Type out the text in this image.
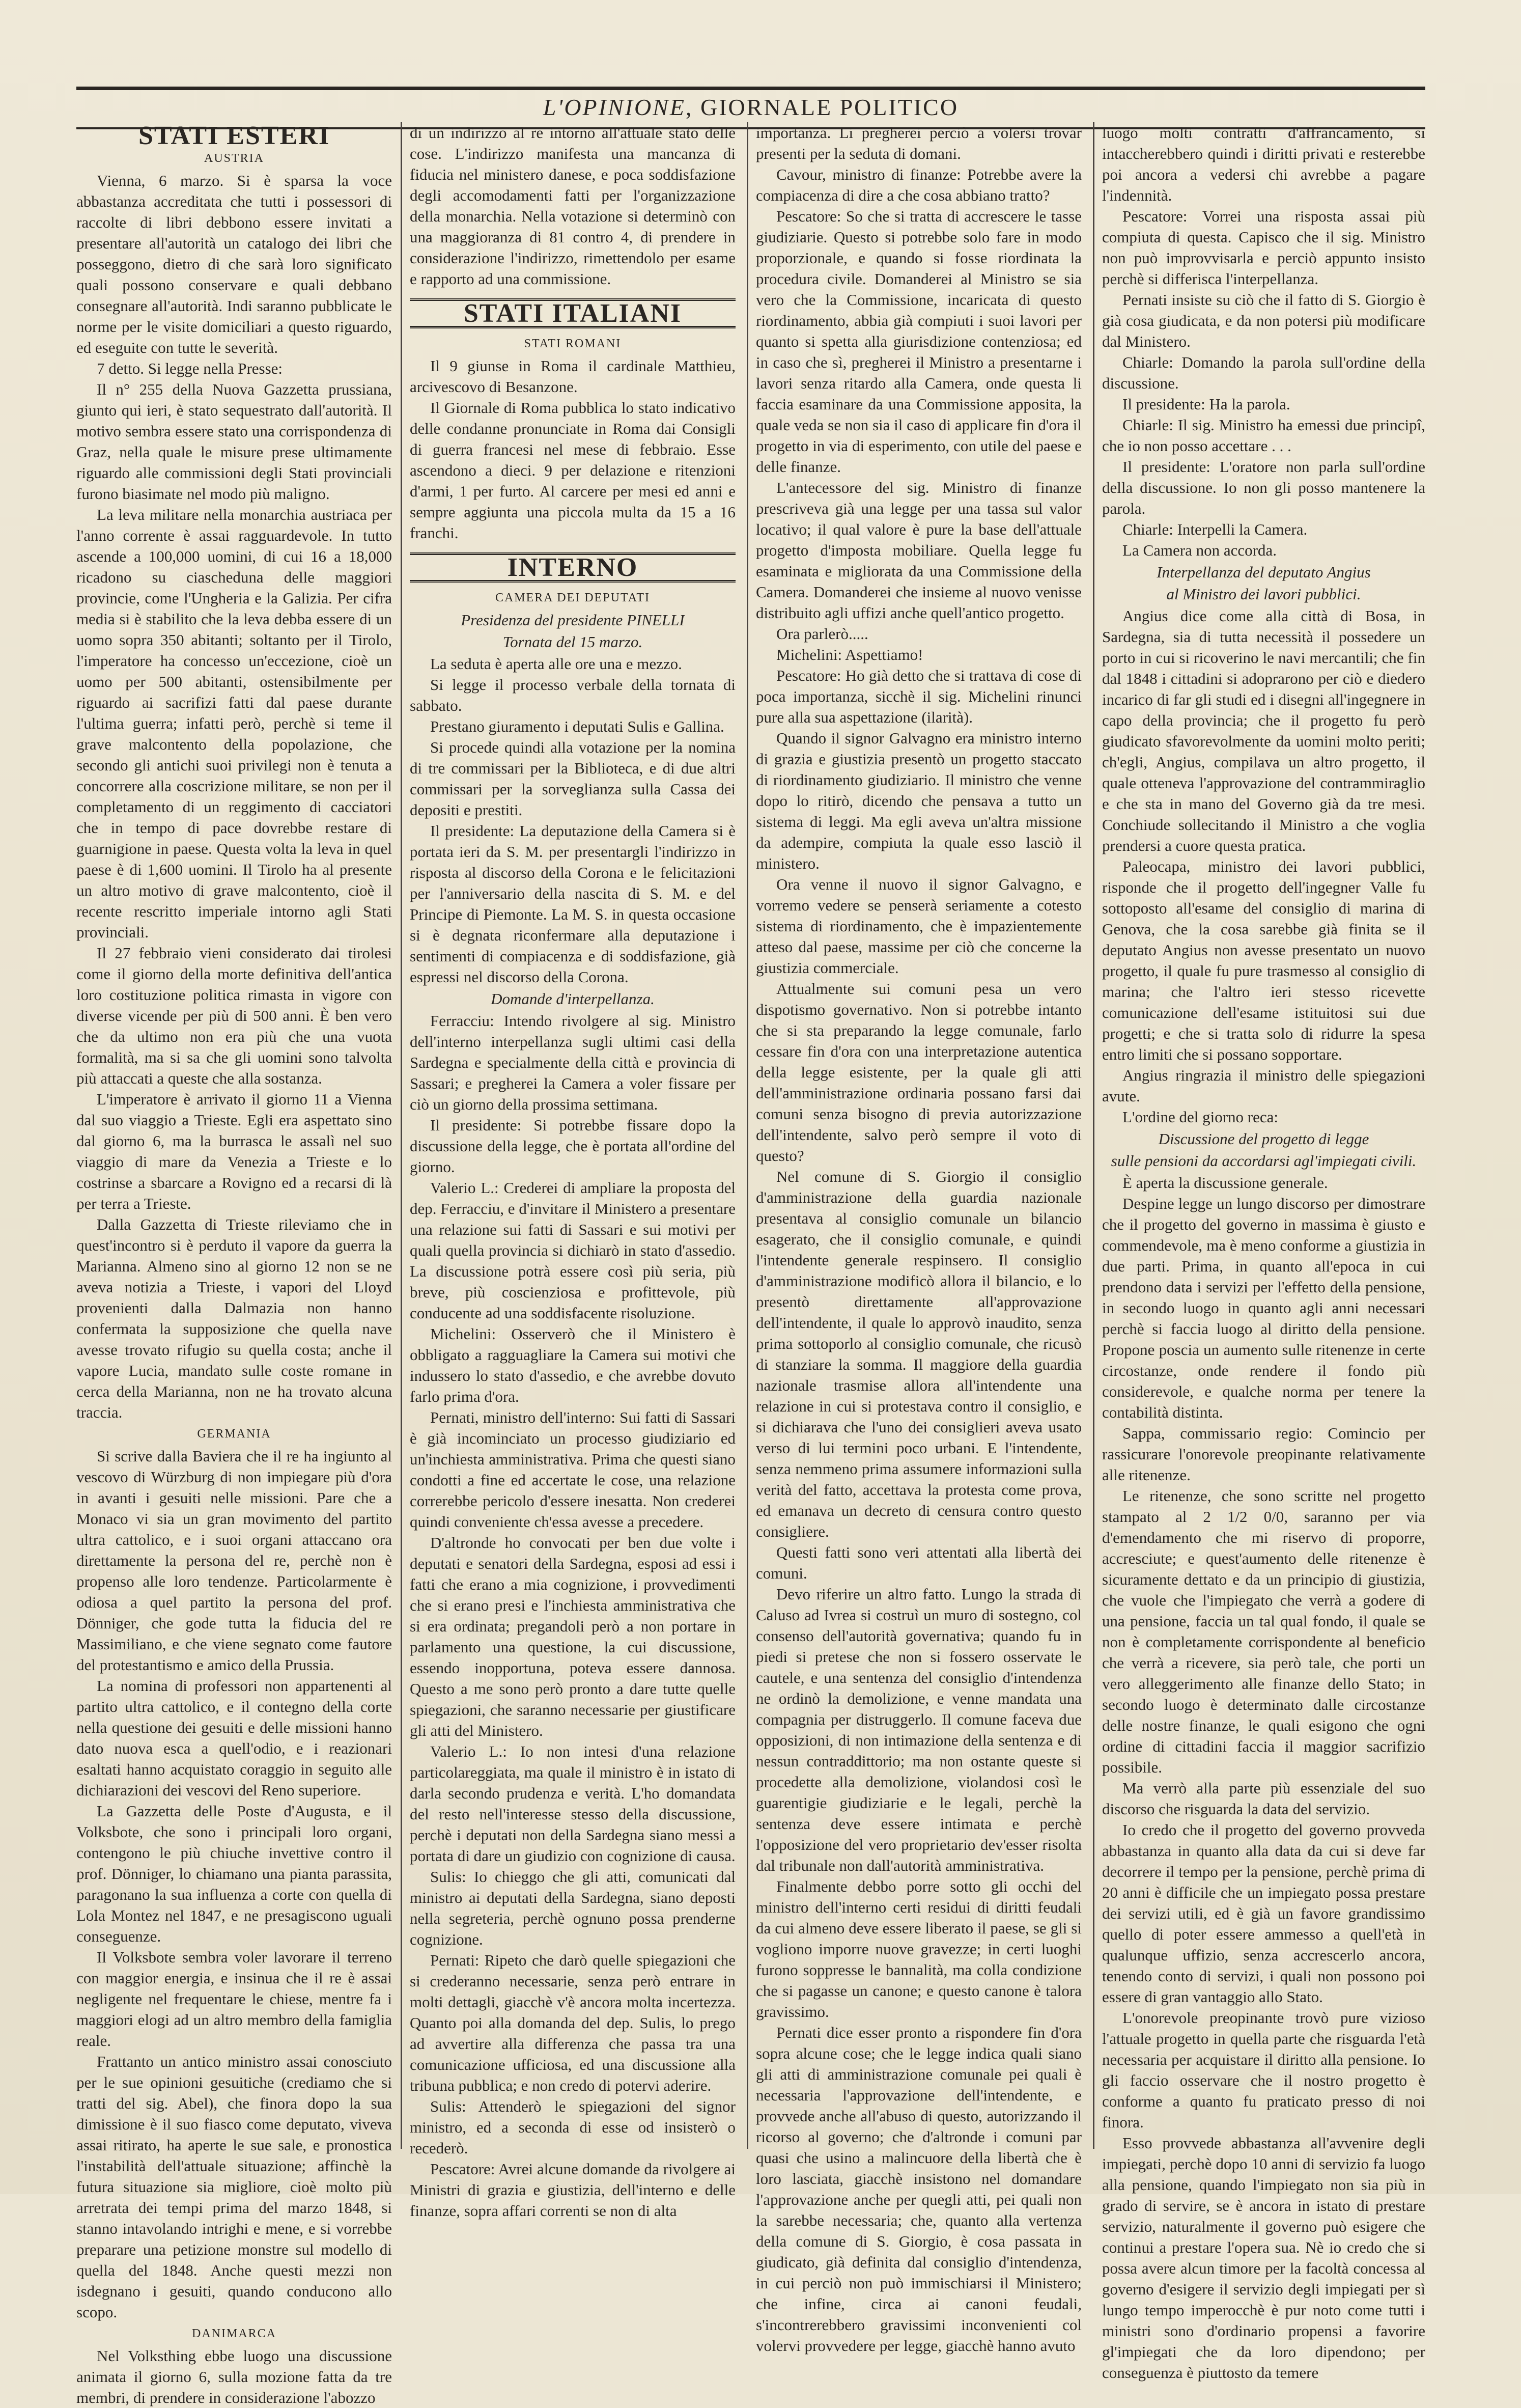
L'OPINIONE, GIORNALE POLITICO
STATI ESTERI
AUSTRIA

Vienna, 6 marzo. Si è sparsa la voce abbastanza accreditata che tutti i possessori di raccolte di libri debbono essere invitati a presentare all'autorità un catalogo dei libri che posseggono, dietro di che sarà loro significato quali possono conservare e quali debbano consegnare all'autorità. Indi saranno pubblicate le norme per le visite domiciliari a questo riguardo, ed eseguite con tutte le severità.

7 detto. Si legge nella Presse:

Il n° 255 della Nuova Gazzetta prussiana, giunto qui ieri, è stato sequestrato dall'autorità. Il motivo sembra essere stato una corrispondenza di Graz, nella quale le misure prese ultimamente riguardo alle commissioni degli Stati provinciali furono biasimate nel modo più maligno.

La leva militare nella monarchia austriaca per l'anno corrente è assai ragguardevole. In tutto ascende a 100,000 uomini, di cui 16 a 18,000 ricadono su ciascheduna delle maggiori provincie, come l'Ungheria e la Galizia. Per cifra media si è stabilito che la leva debba essere di un uomo sopra 350 abitanti; soltanto per il Tirolo, l'imperatore ha concesso un'eccezione, cioè un uomo per 500 abitanti, ostensibilmente per riguardo ai sacrifizi fatti dal paese durante l'ultima guerra; infatti però, perchè si teme il grave malcontento della popolazione, che secondo gli antichi suoi privilegi non è tenuta a concorrere alla coscrizione militare, se non per il completamento di un reggimento di cacciatori che in tempo di pace dovrebbe restare di guarnigione in paese. Questa volta la leva in quel paese è di 1,600 uomini. Il Tirolo ha al presente un altro motivo di grave malcontento, cioè il recente rescritto imperiale intorno agli Stati provinciali.

Il 27 febbraio vieni considerato dai tirolesi come il giorno della morte definitiva dell'antica loro costituzione politica rimasta in vigore con diverse vicende per più di 500 anni. È ben vero che da ultimo non era più che una vuota formalità, ma si sa che gli uomini sono talvolta più attaccati a queste che alla sostanza.

L'imperatore è arrivato il giorno 11 a Vienna dal suo viaggio a Trieste. Egli era aspettato sino dal giorno 6, ma la burrasca le assalì nel suo viaggio di mare da Venezia a Trieste e lo costrinse a sbarcare a Rovigno ed a recarsi di là per terra a Trieste.

Dalla Gazzetta di Trieste rileviamo che in quest'incontro si è perduto il vapore da guerra la Marianna. Almeno sino al giorno 12 non se ne aveva notizia a Trieste, i vapori del Lloyd provenienti dalla Dalmazia non hanno confermata la supposizione che quella nave avesse trovato rifugio su quella costa; anche il vapore Lucia, mandato sulle coste romane in cerca della Marianna, non ne ha trovato alcuna traccia.

GERMANIA

Si scrive dalla Baviera che il re ha ingiunto al vescovo di Würzburg di non impiegare più d'ora in avanti i gesuiti nelle missioni. Pare che a Monaco vi sia un gran movimento del partito ultra cattolico, e i suoi organi attaccano ora direttamente la persona del re, perchè non è propenso alle loro tendenze. Particolarmente è odiosa a quel partito la persona del prof. Dönniger, che gode tutta la fiducia del re Massimiliano, e che viene segnato come fautore del protestantismo e amico della Prussia.

La nomina di professori non appartenenti al partito ultra cattolico, e il contegno della corte nella questione dei gesuiti e delle missioni hanno dato nuova esca a quell'odio, e i reazionari esaltati hanno acquistato coraggio in seguito alle dichiarazioni dei vescovi del Reno superiore.

La Gazzetta delle Poste d'Augusta, e il Volksbote, che sono i principali loro organi, contengono le più chiuche invettive contro il prof. Dönniger, lo chiamano una pianta parassita, paragonano la sua influenza a corte con quella di Lola Montez nel 1847, e ne presagiscono uguali conseguenze.

Il Volksbote sembra voler lavorare il terreno con maggior energia, e insinua che il re è assai negligente nel frequentare le chiese, mentre fa i maggiori elogi ad un altro membro della famiglia reale.

Frattanto un antico ministro assai conosciuto per le sue opinioni gesuitiche (crediamo che si tratti del sig. Abel), che finora dopo la sua dimissione è il suo fiasco come deputato, viveva assai ritirato, ha aperte le sue sale, e pronostica l'instabilità dell'attuale situazione; affinchè la futura situazione sia migliore, cioè molto più arretrata dei tempi prima del marzo 1848, si stanno intavolando intrighi e mene, e si vorrebbe preparare una petizione monstre sul modello di quella del 1848. Anche questi mezzi non isdegnano i gesuiti, quando conducono allo scopo.

DANIMARCA

Nel Volksthing ebbe luogo una discussione animata il giorno 6, sulla mozione fatta da tre membri, di prendere in considerazione l'abozzo

di un indirizzo al re intorno all'attuale stato delle cose. L'indirizzo manifesta una mancanza di fiducia nel ministero danese, e poca soddisfazione degli accomodamenti fatti per l'organizzazione della monarchia. Nella votazione si determinò con una maggioranza di 81 contro 4, di prendere in considerazione l'indirizzo, rimettendolo per esame e rapporto ad una commissione.

STATI ITALIANI
STATI ROMANI

Il 9 giunse in Roma il cardinale Matthieu, arcivescovo di Besanzone.

Il Giornale di Roma pubblica lo stato indicativo delle condanne pronunciate in Roma dai Consigli di guerra francesi nel mese di febbraio. Esse ascendono a dieci. 9 per delazione e ritenzioni d'armi, 1 per furto. Al carcere per mesi ed anni e sempre aggiunta una piccola multa da 15 a 16 franchi.

INTERNO
CAMERA DEI DEPUTATI
Presidenza del presidente PINELLI
Tornata del 15 marzo.

La seduta è aperta alle ore una e mezzo.

Si legge il processo verbale della tornata di sabbato.

Prestano giuramento i deputati Sulis e Gallina.

Si procede quindi alla votazione per la nomina di tre commissari per la Biblioteca, e di due altri commissari per la sorveglianza sulla Cassa dei depositi e prestiti.

Il presidente: La deputazione della Camera si è portata ieri da S. M. per presentargli l'indirizzo in risposta al discorso della Corona e le felicitazioni per l'anniversario della nascita di S. M. e del Principe di Piemonte. La M. S. in questa occasione si è degnata riconfermare alla deputazione i sentimenti di compiacenza e di soddisfazione, già espressi nel discorso della Corona.

Domande d'interpellanza.

Ferracciu: Intendo rivolgere al sig. Ministro dell'interno interpellanza sugli ultimi casi della Sardegna e specialmente della città e provincia di Sassari; e pregherei la Camera a voler fissare per ciò un giorno della prossima settimana.

Il presidente: Si potrebbe fissare dopo la discussione della legge, che è portata all'ordine del giorno.

Valerio L.: Crederei di ampliare la proposta del dep. Ferracciu, e d'invitare il Ministero a presentare una relazione sui fatti di Sassari e sui motivi per quali quella provincia si dichiarò in stato d'assedio. La discussione potrà essere così più seria, più breve, più coscienziosa e profittevole, più conducente ad una soddisfacente risoluzione.

Michelini: Osserverò che il Ministero è obbligato a ragguagliare la Camera sui motivi che indussero lo stato d'assedio, e che avrebbe dovuto farlo prima d'ora.

Pernati, ministro dell'interno: Sui fatti di Sassari è già incominciato un processo giudiziario ed un'inchiesta amministrativa. Prima che questi siano condotti a fine ed accertate le cose, una relazione correrebbe pericolo d'essere inesatta. Non crederei quindi conveniente ch'essa avesse a precedere.

D'altronde ho convocati per ben due volte i deputati e senatori della Sardegna, esposi ad essi i fatti che erano a mia cognizione, i provvedimenti che si erano presi e l'inchiesta amministrativa che si era ordinata; pregandoli però a non portare in parlamento una questione, la cui discussione, essendo inopportuna, poteva essere dannosa. Questo a me sono però pronto a dare tutte quelle spiegazioni, che saranno necessarie per giustificare gli atti del Ministero.

Valerio L.: Io non intesi d'una relazione particolareggiata, ma quale il ministro è in istato di darla secondo prudenza e verità. L'ho domandata del resto nell'interesse stesso della discussione, perchè i deputati non della Sardegna siano messi a portata di dare un giudizio con cognizione di causa.

Sulis: Io chieggo che gli atti, comunicati dal ministro ai deputati della Sardegna, siano deposti nella segreteria, perchè ognuno possa prenderne cognizione.

Pernati: Ripeto che darò quelle spiegazioni che si crederanno necessarie, senza però entrare in molti dettagli, giacchè v'è ancora molta incertezza. Quanto poi alla domanda del dep. Sulis, lo prego ad avvertire alla differenza che passa tra una comunicazione ufficiosa, ed una discussione alla tribuna pubblica; e non credo di potervi aderire.

Sulis: Attenderò le spiegazioni del signor ministro, ed a seconda di esse od insisterò o recederò.

Pescatore: Avrei alcune domande da rivolgere ai Ministri di grazia e giustizia, dell'interno e delle finanze, sopra affari correnti se non di alta

importanza. Li pregherei perciò a volersi trovar presenti per la seduta di domani.

Cavour, ministro di finanze: Potrebbe avere la compiacenza di dire a che cosa abbiano tratto?

Pescatore: So che si tratta di accrescere le tasse giudiziarie. Questo si potrebbe solo fare in modo proporzionale, e quando si fosse riordinata la procedura civile. Domanderei al Ministro se sia vero che la Commissione, incaricata di questo riordinamento, abbia già compiuti i suoi lavori per quanto si spetta alla giurisdizione contenziosa; ed in caso che sì, pregherei il Ministro a presentarne i lavori senza ritardo alla Camera, onde questa li faccia esaminare da una Commissione apposita, la quale veda se non sia il caso di applicare fin d'ora il progetto in via di esperimento, con utile del paese e delle finanze.

L'antecessore del sig. Ministro di finanze prescriveva già una legge per una tassa sul valor locativo; il qual valore è pure la base dell'attuale progetto d'imposta mobiliare. Quella legge fu esaminata e migliorata da una Commissione della Camera. Domanderei che insieme al nuovo venisse distribuito agli uffizi anche quell'antico progetto.

Ora parlerò.....

Michelini: Aspettiamo!

Pescatore: Ho già detto che si trattava di cose di poca importanza, sicchè il sig. Michelini rinunci pure alla sua aspettazione (ilarità).

Quando il signor Galvagno era ministro interno di grazia e giustizia presentò un progetto staccato di riordinamento giudiziario. Il ministro che venne dopo lo ritirò, dicendo che pensava a tutto un sistema di leggi. Ma egli aveva un'altra missione da adempire, compiuta la quale esso lasciò il ministero.

Ora venne il nuovo il signor Galvagno, e vorremo vedere se penserà seriamente a cotesto sistema di riordinamento, che è impazientemente atteso dal paese, massime per ciò che concerne la giustizia commerciale.

Attualmente sui comuni pesa un vero dispotismo governativo. Non si potrebbe intanto che si sta preparando la legge comunale, farlo cessare fin d'ora con una interpretazione autentica della legge esistente, per la quale gli atti dell'amministrazione ordinaria possano farsi dai comuni senza bisogno di previa autorizzazione dell'intendente, salvo però sempre il voto di questo?

Nel comune di S. Giorgio il consiglio d'amministrazione della guardia nazionale presentava al consiglio comunale un bilancio esagerato, che il consiglio comunale, e quindi l'intendente generale respinsero. Il consiglio d'amministrazione modificò allora il bilancio, e lo presentò direttamente all'approvazione dell'intendente, il quale lo approvò inaudito, senza prima sottoporlo al consiglio comunale, che ricusò di stanziare la somma. Il maggiore della guardia nazionale trasmise allora all'intendente una relazione in cui si protestava contro il consiglio, e si dichiarava che l'uno dei consiglieri aveva usato verso di lui termini poco urbani. E l'intendente, senza nemmeno prima assumere informazioni sulla verità del fatto, accettava la protesta come prova, ed emanava un decreto di censura contro questo consigliere.

Questi fatti sono veri attentati alla libertà dei comuni.

Devo riferire un altro fatto. Lungo la strada di Caluso ad Ivrea si costruì un muro di sostegno, col consenso dell'autorità governativa; quando fu in piedi si pretese che non si fossero osservate le cautele, e una sentenza del consiglio d'intendenza ne ordinò la demolizione, e venne mandata una compagnia per distruggerlo. Il comune faceva due opposizioni, di non intimazione della sentenza e di nessun contraddittorio; ma non ostante queste si procedette alla demolizione, violandosi così le guarentigie giudiziarie e le legali, perchè la sentenza deve essere intimata e perchè l'opposizione del vero proprietario dev'esser risolta dal tribunale non dall'autorità amministrativa.

Finalmente debbo porre sotto gli occhi del ministro dell'interno certi residui di diritti feudali da cui almeno deve essere liberato il paese, se gli si vogliono imporre nuove gravezze; in certi luoghi furono soppresse le bannalità, ma colla condizione che si pagasse un canone; e questo canone è talora gravissimo.

Pernati dice esser pronto a rispondere fin d'ora sopra alcune cose; che le legge indica quali siano gli atti di amministrazione comunale pei quali è necessaria l'approvazione dell'intendente, e provvede anche all'abuso di questo, autorizzando il ricorso al governo; che d'altronde i comuni par quasi che usino a malincuore della libertà che è loro lasciata, giacchè insistono nel domandare l'approvazione anche per quegli atti, pei quali non la sarebbe necessaria; che, quanto alla vertenza della comune di S. Giorgio, è cosa passata in giudicato, già definita dal consiglio d'intendenza, in cui perciò non può immischiarsi il Ministero; che infine, circa ai canoni feudali, s'incontrerebbero gravissimi inconvenienti col volervi provvedere per legge, giacchè hanno avuto

luogo molti contratti d'affrancamento, si intaccherebbero quindi i diritti privati e resterebbe poi ancora a vedersi chi avrebbe a pagare l'indennità.

Pescatore: Vorrei una risposta assai più compiuta di questa. Capisco che il sig. Ministro non può improvvisarla e perciò appunto insisto perchè si differisca l'interpellanza.

Pernati insiste su ciò che il fatto di S. Giorgio è già cosa giudicata, e da non potersi più modificare dal Ministero.

Chiarle: Domando la parola sull'ordine della discussione.

Il presidente: Ha la parola.

Chiarle: Il sig. Ministro ha emessi due principî, che io non posso accettare . . .

Il presidente: L'oratore non parla sull'ordine della discussione. Io non gli posso mantenere la parola.

Chiarle: Interpelli la Camera.

La Camera non accorda.

Interpellanza del deputato Angius
al Ministro dei lavori pubblici.

Angius dice come alla città di Bosa, in Sardegna, sia di tutta necessità il possedere un porto in cui si ricoverino le navi mercantili; che fin dal 1848 i cittadini si adoprarono per ciò e diedero incarico di far gli studi ed i disegni all'ingegnere in capo della provincia; che il progetto fu però giudicato sfavorevolmente da uomini molto periti; ch'egli, Angius, compilava un altro progetto, il quale otteneva l'approvazione del contrammiraglio e che sta in mano del Governo già da tre mesi. Conchiude sollecitando il Ministro a che voglia prendersi a cuore questa pratica.

Paleocapa, ministro dei lavori pubblici, risponde che il progetto dell'ingegner Valle fu sottoposto all'esame del consiglio di marina di Genova, che la cosa sarebbe già finita se il deputato Angius non avesse presentato un nuovo progetto, il quale fu pure trasmesso al consiglio di marina; che l'altro ieri stesso ricevette comunicazione dell'esame istituitosi sui due progetti; e che si tratta solo di ridurre la spesa entro limiti che si possano sopportare.

Angius ringrazia il ministro delle spiegazioni avute.

L'ordine del giorno reca:

Discussione del progetto di legge
sulle pensioni da accordarsi agl'impiegati civili.

È aperta la discussione generale.

Despine legge un lungo discorso per dimostrare che il progetto del governo in massima è giusto e commendevole, ma è meno conforme a giustizia in due parti. Prima, in quanto all'epoca in cui prendono data i servizi per l'effetto della pensione, in secondo luogo in quanto agli anni necessari perchè si faccia luogo al diritto della pensione. Propone poscia un aumento sulle ritenenze in certe circostanze, onde rendere il fondo più considerevole, e qualche norma per tenere la contabilità distinta.

Sappa, commissario regio: Comincio per rassicurare l'onorevole preopinante relativamente alle ritenenze.

Le ritenenze, che sono scritte nel progetto stampato al 2 1/2 0/0, saranno per via d'emendamento che mi riservo di proporre, accresciute; e quest'aumento delle ritenenze è sicuramente dettato e da un principio di giustizia, che vuole che l'impiegato che verrà a godere di una pensione, faccia un tal qual fondo, il quale se non è completamente corrispondente al beneficio che verrà a ricevere, sia però tale, che porti un vero alleggerimento alle finanze dello Stato; in secondo luogo è determinato dalle circostanze delle nostre finanze, le quali esigono che ogni ordine di cittadini faccia il maggior sacrifizio possibile.

Ma verrò alla parte più essenziale del suo discorso che risguarda la data del servizio.

Io credo che il progetto del governo provveda abbastanza in quanto alla data da cui si deve far decorrere il tempo per la pensione, perchè prima di 20 anni è difficile che un impiegato possa prestare dei servizi utili, ed è già un favore grandissimo quello di poter essere ammesso a quell'età in qualunque uffizio, senza accrescerlo ancora, tenendo conto di servizi, i quali non possono poi essere di gran vantaggio allo Stato.

L'onorevole preopinante trovò pure vizioso l'attuale progetto in quella parte che risguarda l'età necessaria per acquistare il diritto alla pensione. Io gli faccio osservare che il nostro progetto è conforme a quanto fu praticato presso di noi finora.

Esso provvede abbastanza all'avvenire degli impiegati, perchè dopo 10 anni di servizio fa luogo alla pensione, quando l'impiegato non sia più in grado di servire, se è ancora in istato di prestare servizio, naturalmente il governo può esigere che continui a prestare l'opera sua. Nè io credo che si possa avere alcun timore per la facoltà concessa al governo d'esigere il servizio degli impiegati per sì lungo tempo imperocchè è pur noto come tutti i ministri sono d'ordinario propensi a favorire gl'impiegati che da loro dipendono; per conseguenza è piuttosto da temere
